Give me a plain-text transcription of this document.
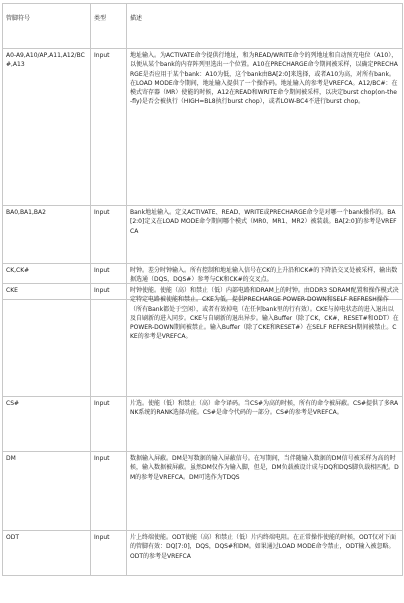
管脚符号	类型	描述
A0-A9,A10/AP,A11,A12/BC#,A13	Input	地址输入。为ACTIVATE命令提供行地址，和为READ/WRITE命令的列地址和自动预充电位（A10），以便从某个bank的内存阵列里选出一个位置。A10在PRECHARGE命令期间被采样，以确定PRECHARGE是否应用于某个bank：A10为低，这个bank由BA[2:0]来选择，或者A10为高，对所有bank。在LOAD MODE命令期间，地址输入提供了一个操作码。地址输入的参考是VREFCA。A12/BC#：在模式寄存器（MR）使能的时候，A12在READ和WRITE命令期间被采样，以决定burst chop(on-the-fly)是否会被执行（HIGH=BL8执行burst chop），或者LOW-BC4不进行burst chop。
BA0,BA1,BA2	Input	Bank地址输入。定义ACTIVATE、READ、WRITE或PRECHARGE命令是对哪一个bank操作的。BA[2:0]定义在LOAD MODE命令期间哪个模式（MR0、MR1、MR2）被装载。BA[2:0]的参考是VREFCA
CK,CK#	Input	时钟。差分时钟输入。所有控制和地址输入信号在CK的上升沿和CK#的下降沿交叉处被采样，输出数据选通（DQS，DQS#）参考与CK和CK#的交叉点。
CKE	Input	时钟使能。使能（高）和禁止（低）内部电路和DRAM上的时钟。由DDR3 SDRAM配置和操作模式决定特定电路被使能和禁止。CKE为低，提供PRECHARGE POWER-DOWN和SELF REFRESH操作（所有Bank都处于空闲），或者有效掉电（在任何bank里的行有效）。CKE与掉电状态的进入退出以及自刷新的进入同步。CKE与自刷新的退出异步。输入Buffer（除了CK，CK#，RESET#和ODT）在POWER-DOWN期间被禁止。输入Buffer（除了CKE和RESET#）在SELF REFRESH期间被禁止。CKE的参考是VREFCA。
CS#	Input	片选。使能（低）和禁止（高）命令译码。当CS#为高的时候，所有的命令被屏蔽。CS#提供了多RANK系统的RANK选择功能。CS#是命令代码的一部分。CS#的参考是VREFCA。
DM	Input	数据输入屏蔽。DM是写数据的输入屏蔽信号。在写期间，当伴随输入数据的DM信号被采样为高的时候，输入数据被屏蔽。虽然DM仅作为输入脚，但是，DM负载被设计成与DQ和DQS脚负载相匹配。DM的参考是VREFCA。DM可选作为TDQS
ODT	Input	片上终端使能。ODT使能（高）和禁止（低）片内终端电阻。在正常操作使能的时候，ODT仅对下面的管脚有效：DQ[7:0]，DQS，DQS#和DM。如果通过LOAD MODE命令禁止，ODT输入被忽略。ODT的参考是VREFCA
